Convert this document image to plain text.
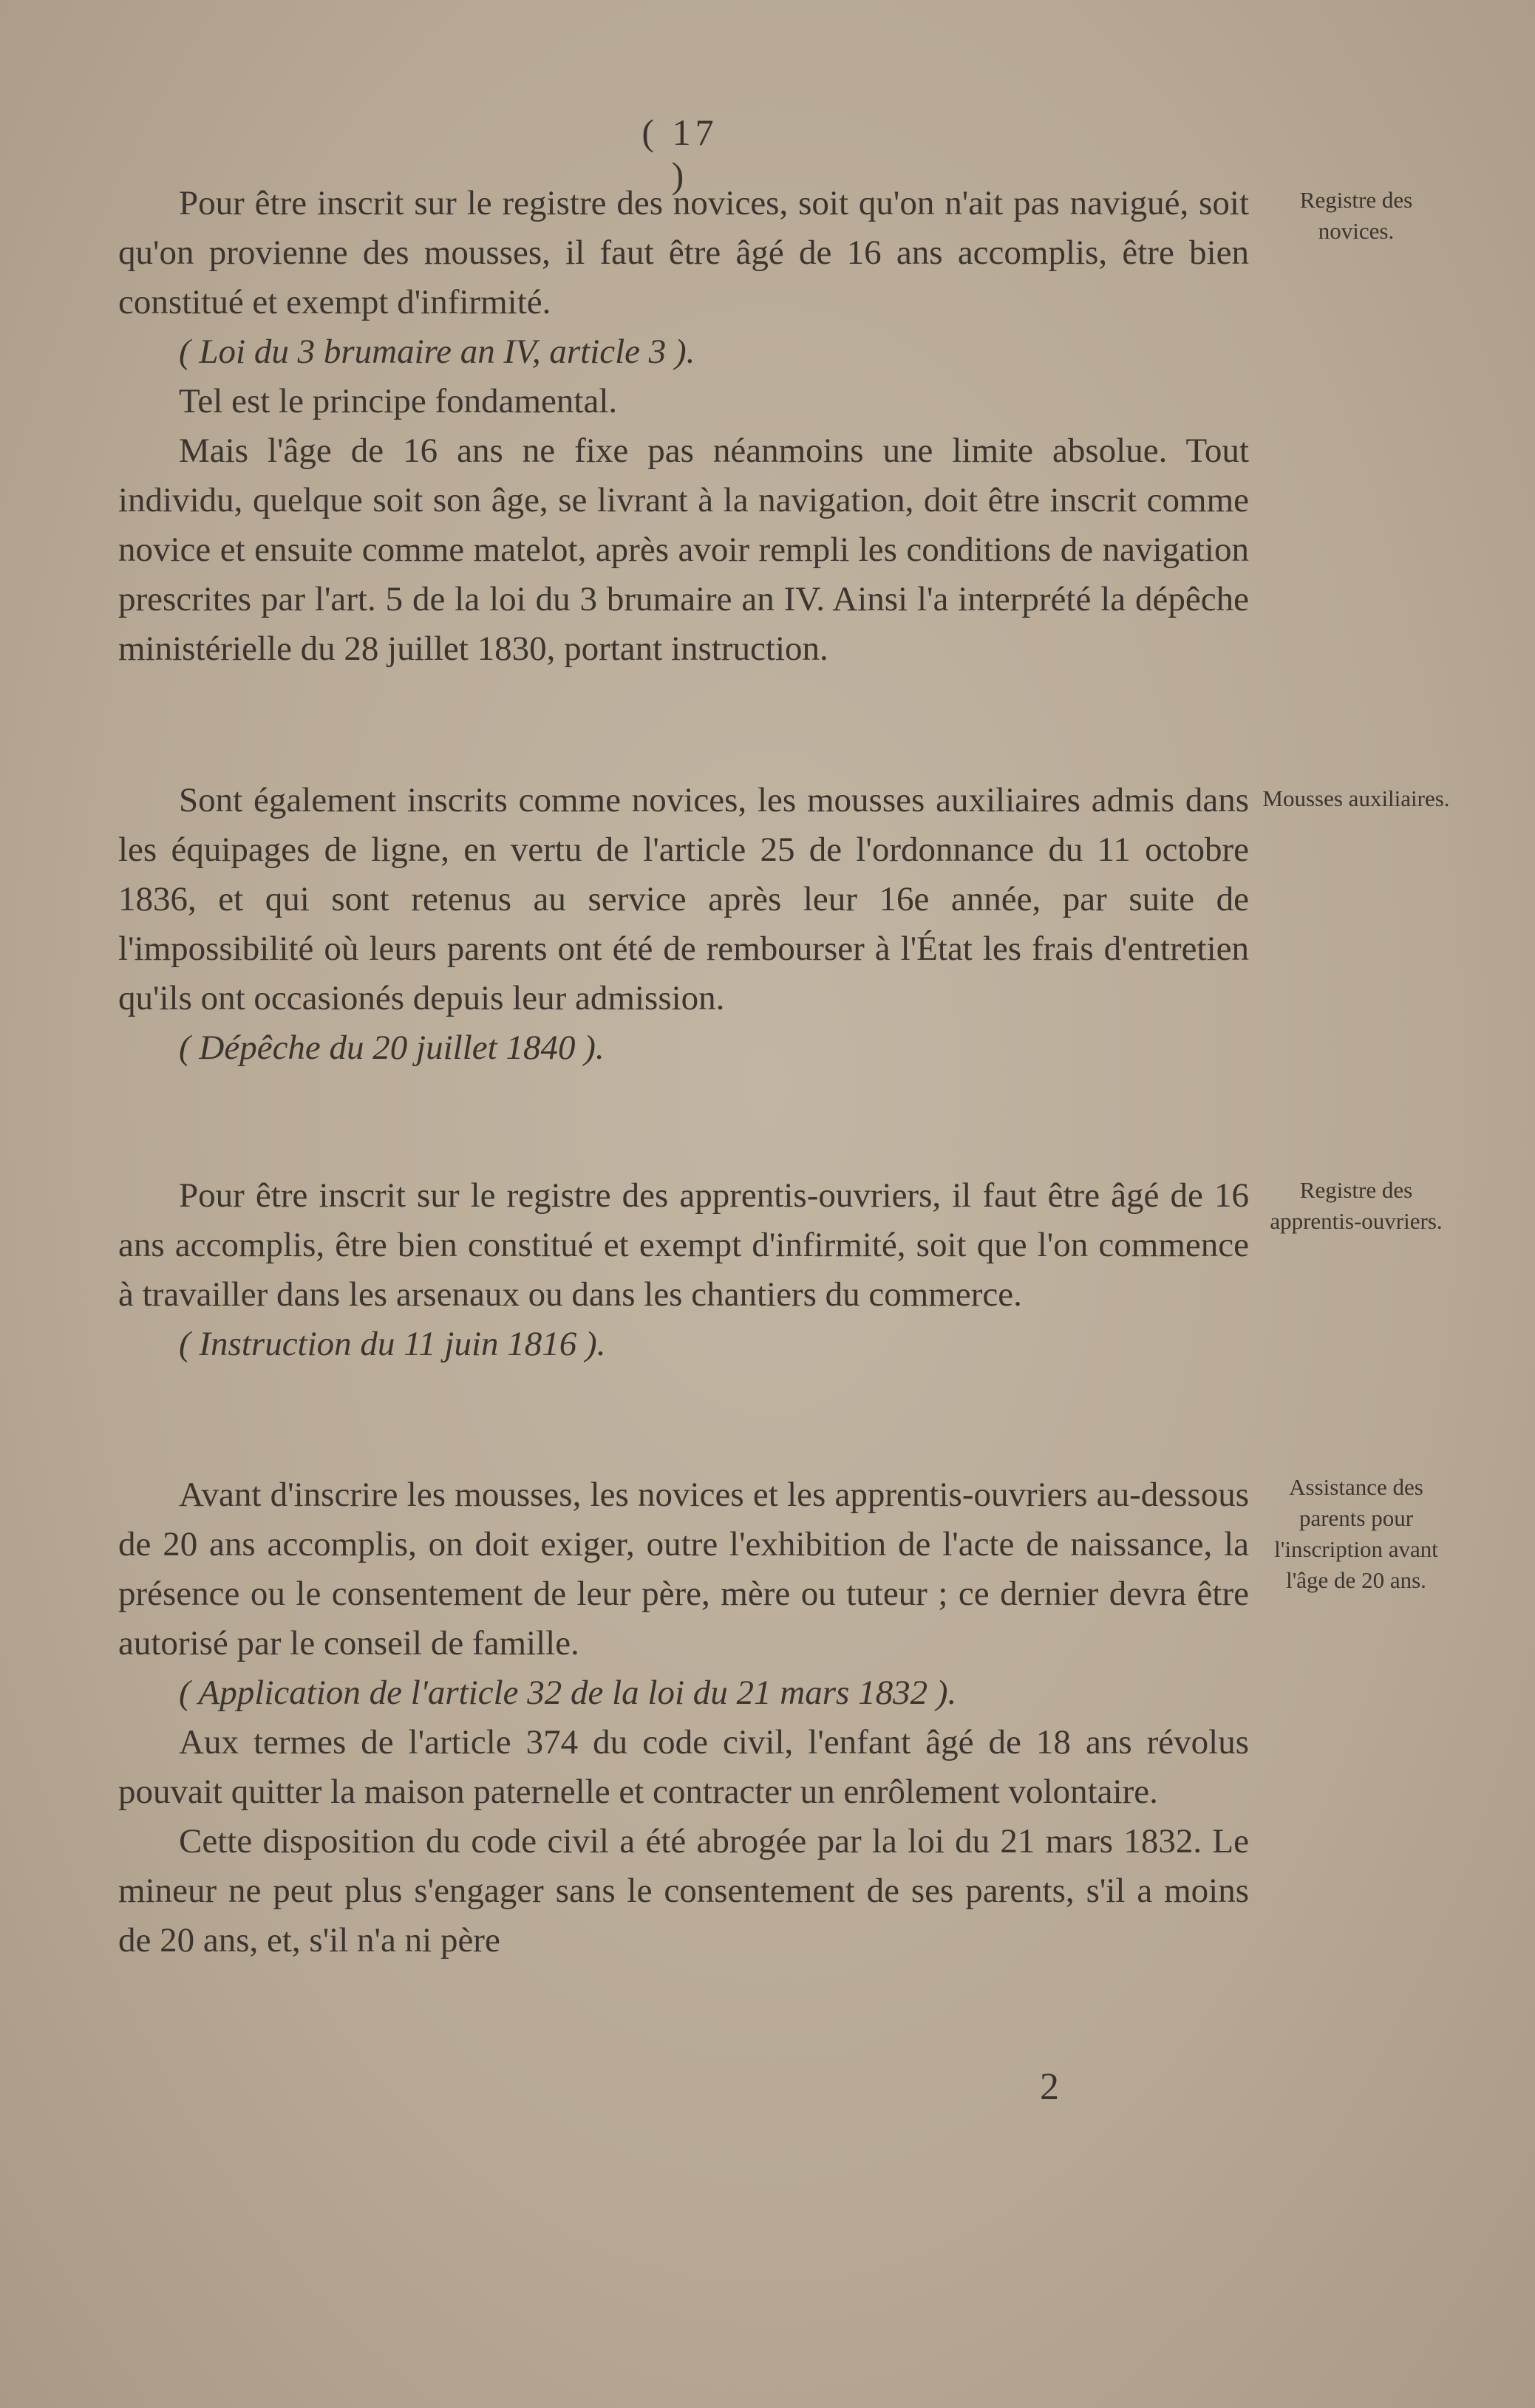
( 17 )
Registre des novices.

Pour être inscrit sur le registre des novices, soit qu'on n'ait pas navigué, soit qu'on provienne des mousses, il faut être âgé de 16 ans accomplis, être bien constitué et exempt d'infirmité.

( Loi du 3 brumaire an IV, article 3 ).

Tel est le principe fondamental.

Mais l'âge de 16 ans ne fixe pas néanmoins une limite absolue. Tout individu, quelque soit son âge, se livrant à la navigation, doit être inscrit comme novice et ensuite comme matelot, après avoir rempli les conditions de navigation prescrites par l'art. 5 de la loi du 3 brumaire an IV. Ainsi l'a interprété la dépêche ministérielle du 28 juillet 1830, portant instruction.

Mousses auxiliaires.

Sont également inscrits comme novices, les mousses auxiliaires admis dans les équipages de ligne, en vertu de l'article 25 de l'ordonnance du 11 octobre 1836, et qui sont retenus au service après leur 16e année, par suite de l'impossibilité où leurs parents ont été de rembourser à l'État les frais d'entretien qu'ils ont occasionés depuis leur admission.

( Dépêche du 20 juillet 1840 ).

Registre des apprentis-ouvriers.

Pour être inscrit sur le registre des apprentis-ouvriers, il faut être âgé de 16 ans accomplis, être bien constitué et exempt d'infirmité, soit que l'on commence à travailler dans les arsenaux ou dans les chantiers du commerce.

( Instruction du 11 juin 1816 ).

Assistance des parents pour l'inscription avant l'âge de 20 ans.

Avant d'inscrire les mousses, les novices et les apprentis-ouvriers au-dessous de 20 ans accomplis, on doit exiger, outre l'exhibition de l'acte de naissance, la présence ou le consentement de leur père, mère ou tuteur ; ce dernier devra être autorisé par le conseil de famille.

( Application de l'article 32 de la loi du 21 mars 1832 ).

Aux termes de l'article 374 du code civil, l'enfant âgé de 18 ans révolus pouvait quitter la maison paternelle et contracter un enrôlement volontaire.

Cette disposition du code civil a été abrogée par la loi du 21 mars 1832. Le mineur ne peut plus s'engager sans le consentement de ses parents, s'il a moins de 20 ans, et, s'il n'a ni père

2
